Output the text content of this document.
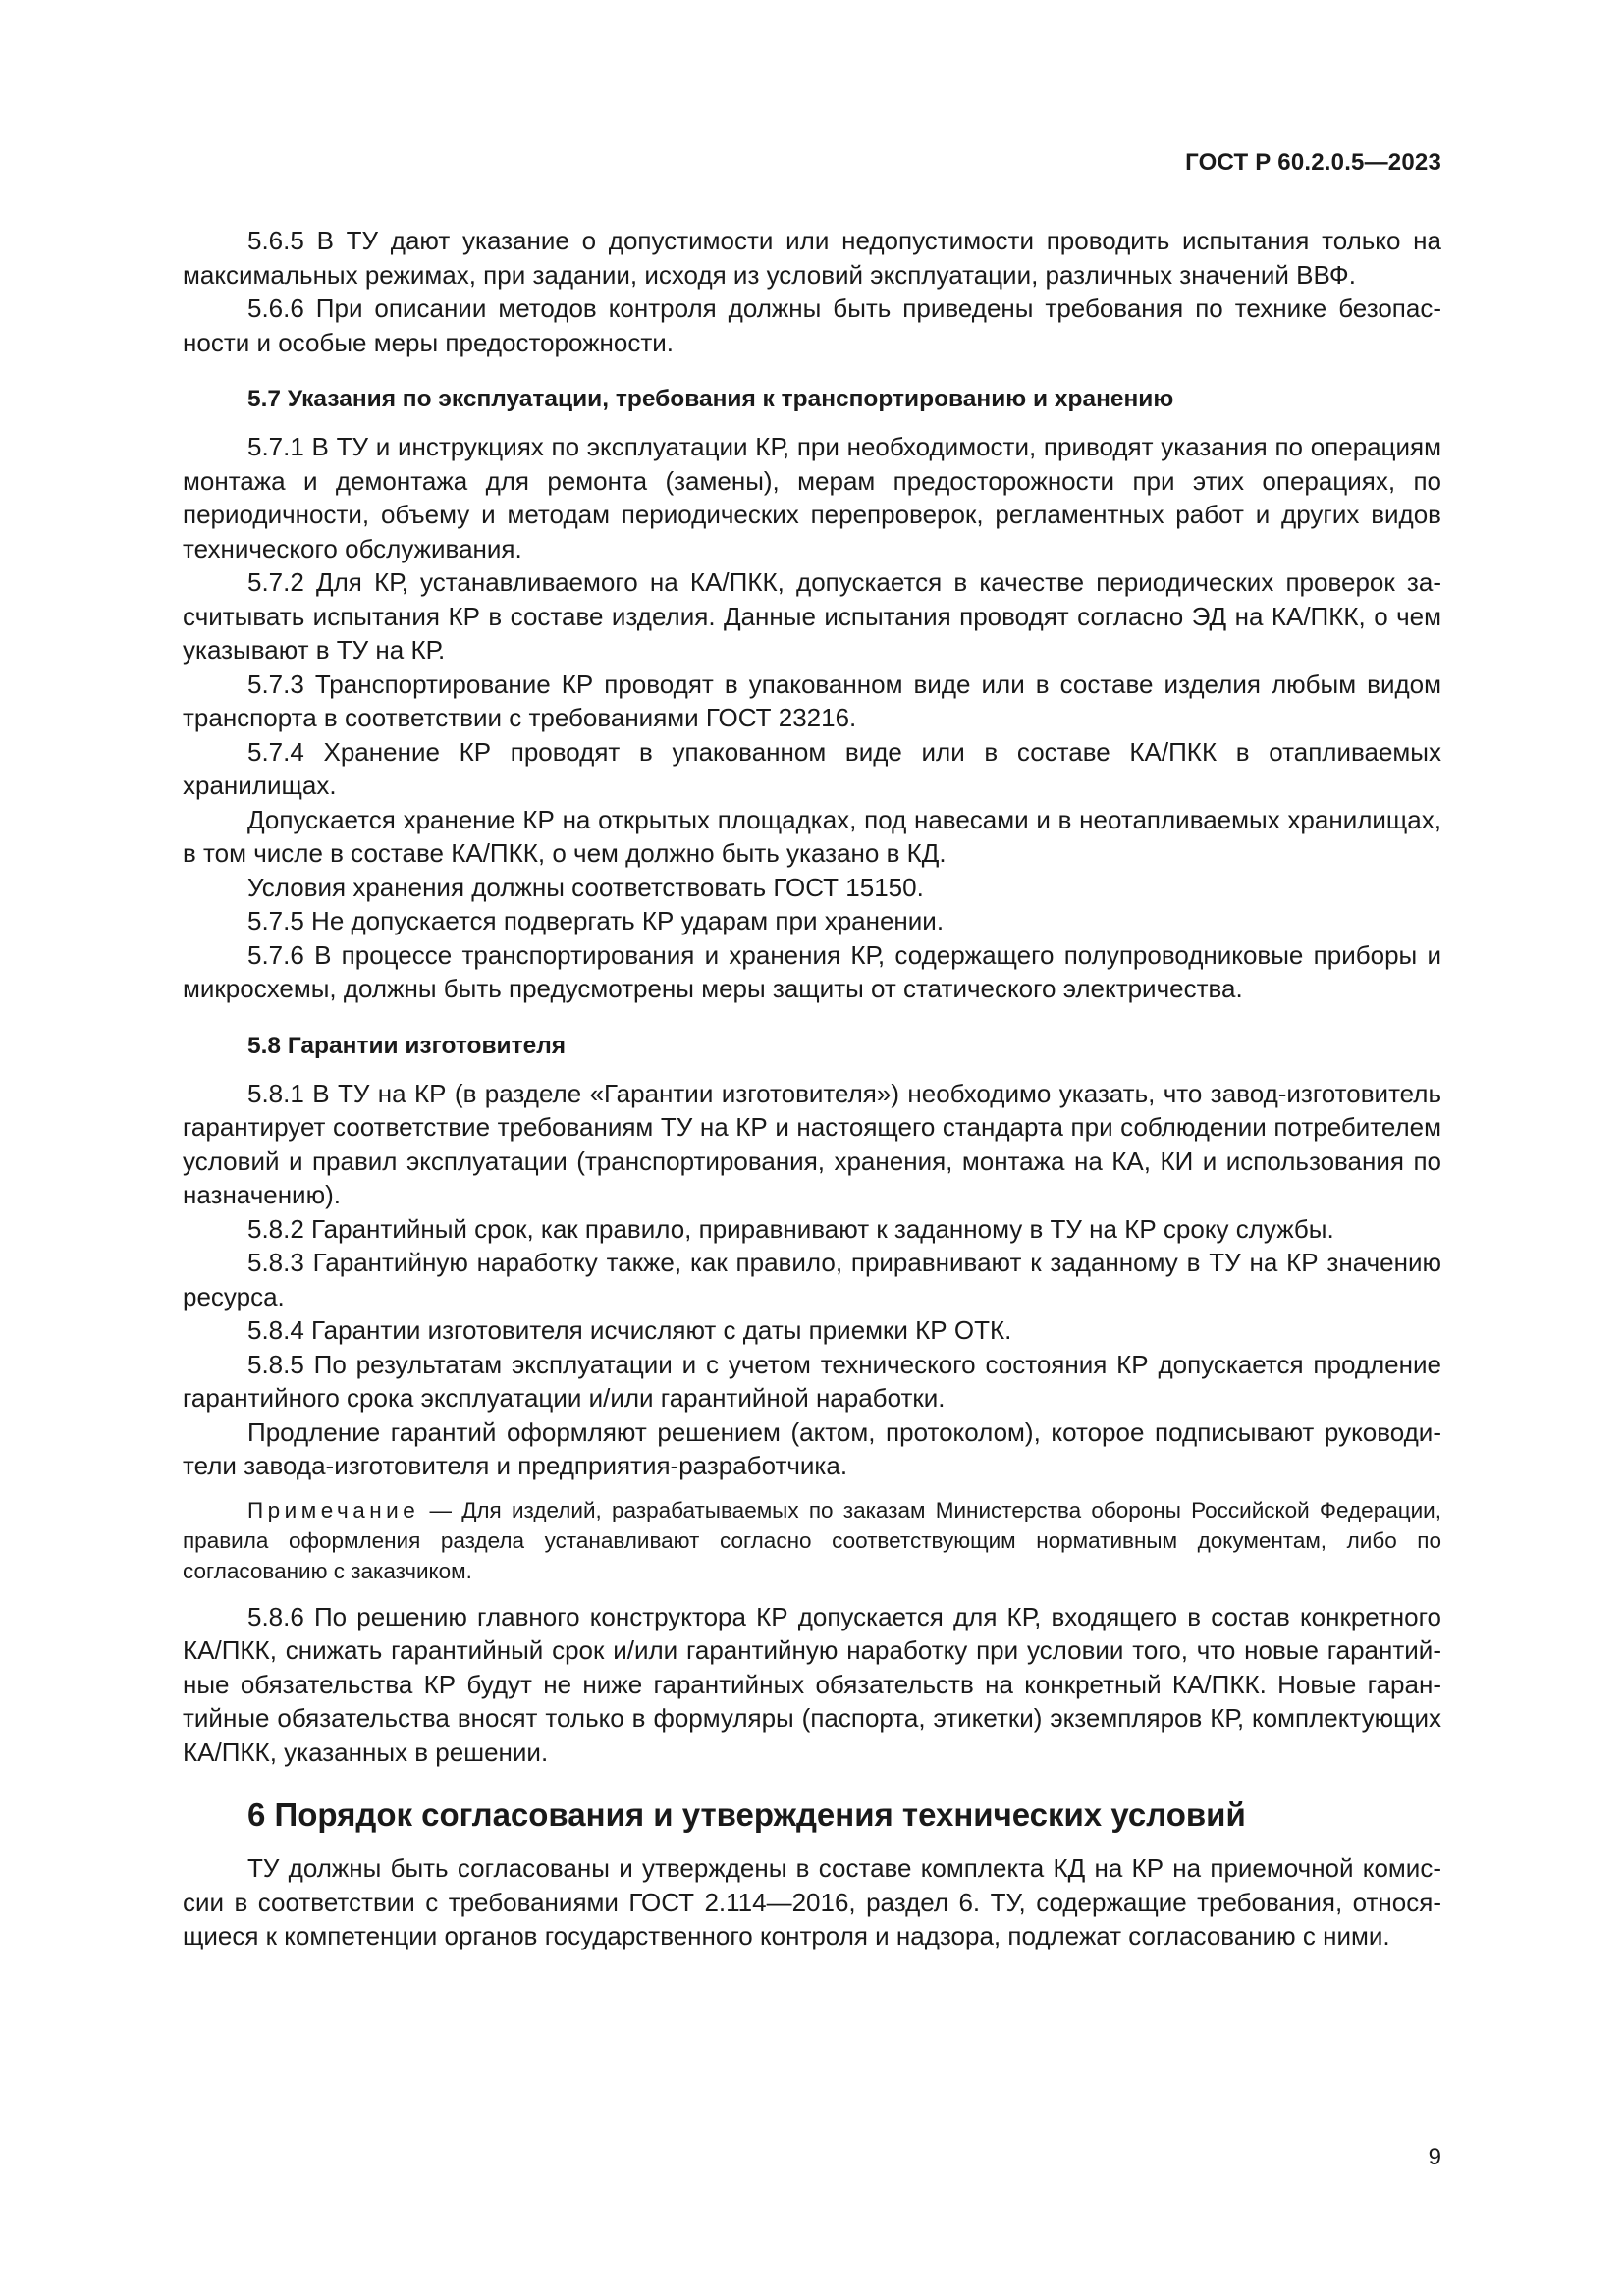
ГОСТ Р 60.2.0.5—2023

5.6.5 В ТУ дают указание о допустимости или недопустимости проводить испытания только на максимальных режимах, при задании, исходя из условий эксплуатации, различных значений ВВФ.

5.6.6 При описании методов контроля должны быть приведены требования по технике безопасности и особые меры предосторожности.

5.7 Указания по эксплуатации, требования к транспортированию и хранению

5.7.1 В ТУ и инструкциях по эксплуатации КР, при необходимости, приводят указания по операциям монтажа и демонтажа для ремонта (замены), мерам предосторожности при этих операциях, по периодичности, объему и методам периодических перепроверок, регламентных работ и других видов технического обслуживания.

5.7.2 Для КР, устанавливаемого на КА/ПКК, допускается в качестве периодических проверок засчитывать испытания КР в составе изделия. Данные испытания проводят согласно ЭД на КА/ПКК, о чем указывают в ТУ на КР.

5.7.3 Транспортирование КР проводят в упакованном виде или в составе изделия любым видом транспорта в соответствии с требованиями ГОСТ 23216.

5.7.4 Хранение КР проводят в упакованном виде или в составе КА/ПКК в отапливаемых хранилищах.

Допускается хранение КР на открытых площадках, под навесами и в неотапливаемых хранилищах, в том числе в составе КА/ПКК, о чем должно быть указано в КД.

Условия хранения должны соответствовать ГОСТ 15150.

5.7.5 Не допускается подвергать КР ударам при хранении.

5.7.6 В процессе транспортирования и хранения КР, содержащего полупроводниковые приборы и микросхемы, должны быть предусмотрены меры защиты от статического электричества.

5.8 Гарантии изготовителя

5.8.1 В ТУ на КР (в разделе «Гарантии изготовителя») необходимо указать, что завод-изготовитель гарантирует соответствие требованиям ТУ на КР и настоящего стандарта при соблюдении потребителем условий и правил эксплуатации (транспортирования, хранения, монтажа на КА, КИ и использования по назначению).

5.8.2 Гарантийный срок, как правило, приравнивают к заданному в ТУ на КР сроку службы.

5.8.3 Гарантийную наработку также, как правило, приравнивают к заданному в ТУ на КР значению ресурса.

5.8.4 Гарантии изготовителя исчисляют с даты приемки КР ОТК.

5.8.5 По результатам эксплуатации и с учетом технического состояния КР допускается продление гарантийного срока эксплуатации и/или гарантийной наработки.

Продление гарантий оформляют решением (актом, протоколом), которое подписывают руководители завода-изготовителя и предприятия-разработчика.

Примечание — Для изделий, разрабатываемых по заказам Министерства обороны Российской Федерации, правила оформления раздела устанавливают согласно соответствующим нормативным документам, либо по согласованию с заказчиком.

5.8.6 По решению главного конструктора КР допускается для КР, входящего в состав конкретного КА/ПКК, снижать гарантийный срок и/или гарантийную наработку при условии того, что новые гарантийные обязательства КР будут не ниже гарантийных обязательств на конкретный КА/ПКК. Новые гарантийные обязательства вносят только в формуляры (паспорта, этикетки) экземпляров КР, комплектующих КА/ПКК, указанных в решении.

6 Порядок согласования и утверждения технических условий

ТУ должны быть согласованы и утверждены в составе комплекта КД на КР на приемочной комиссии в соответствии с требованиями ГОСТ 2.114—2016, раздел 6. ТУ, содержащие требования, относящиеся к компетенции органов государственного контроля и надзора, подлежат согласованию с ними.

9
